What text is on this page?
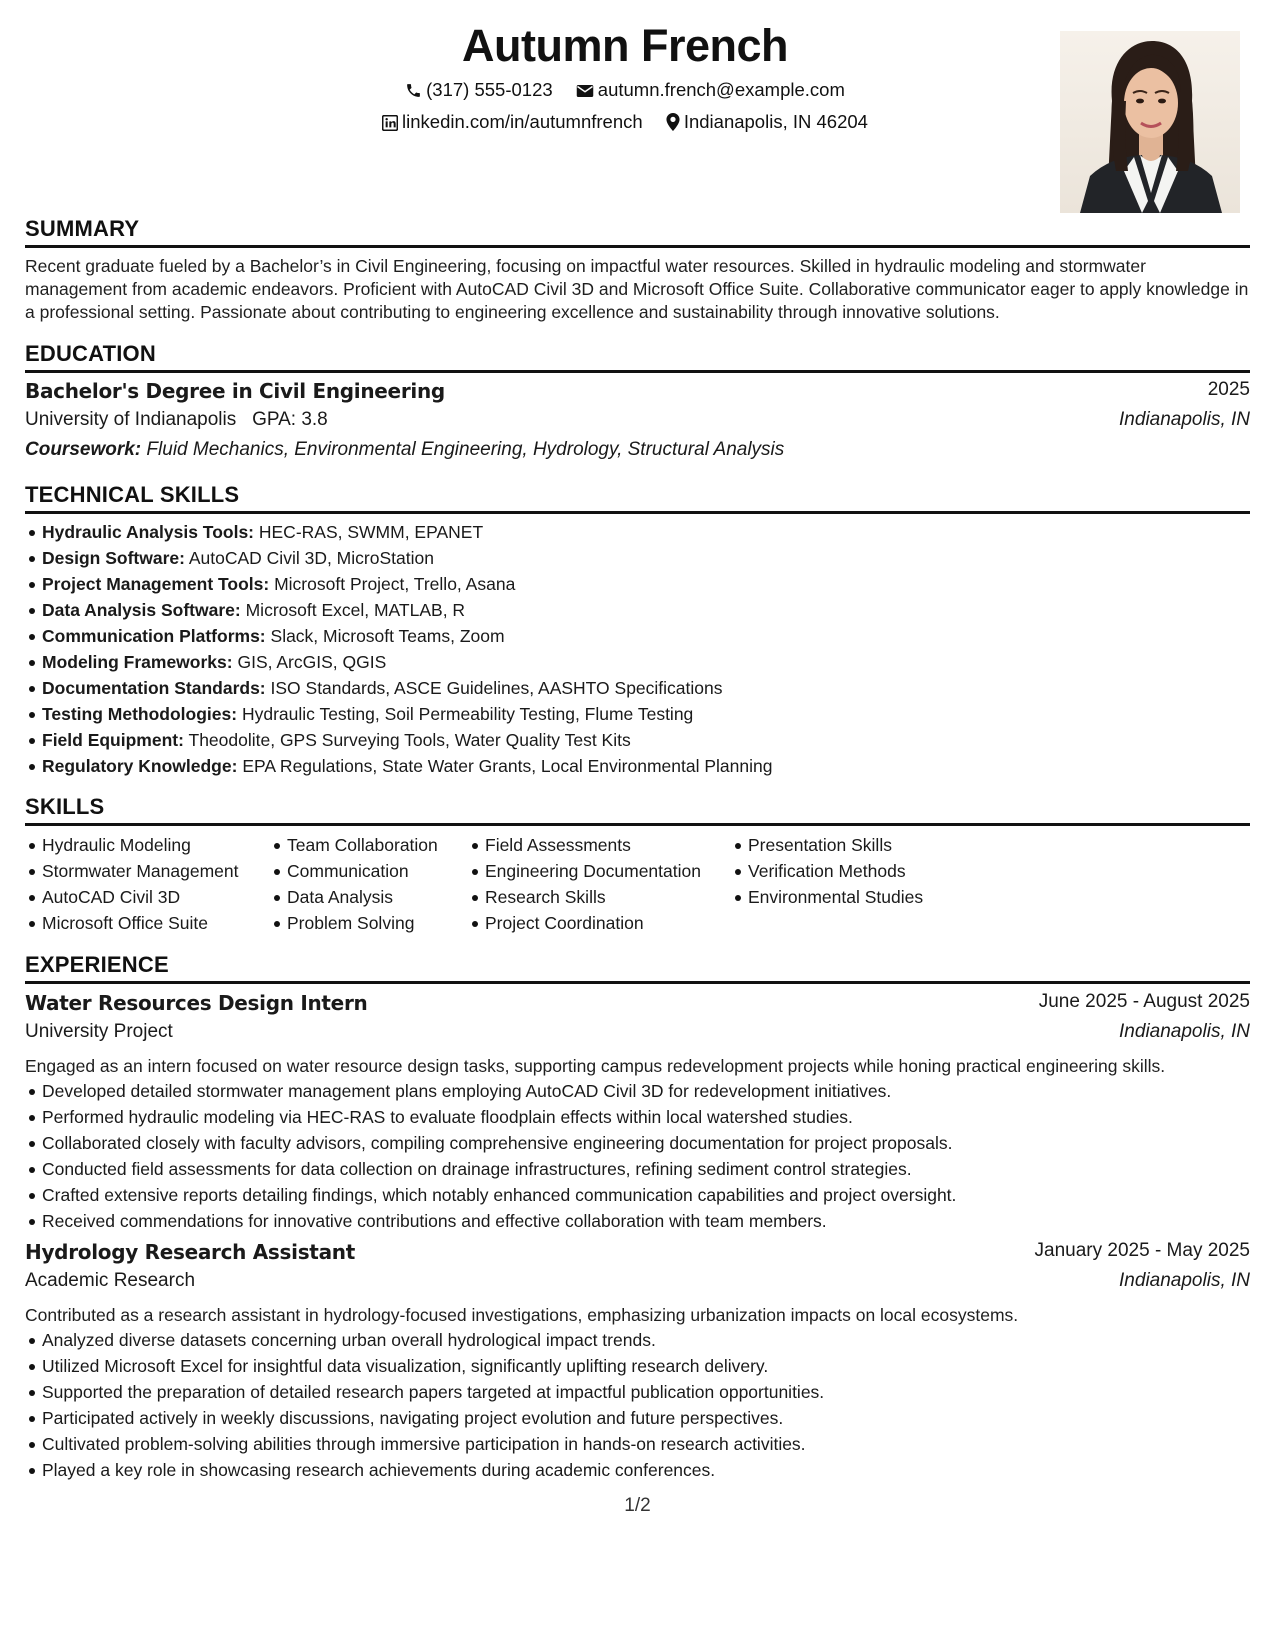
Autumn French
(317) 555-0123 autumn.french@example.com
linkedin.com/in/autumnfrench Indianapolis, IN 46204
SUMMARY

Recent graduate fueled by a Bachelor’s in Civil Engineering, focusing on impactful water resources. Skilled in hydraulic modeling and stormwater management from academic endeavors. Proficient with AutoCAD Civil 3D and Microsoft Office Suite. Collaborative communicator eager to apply knowledge in a professional setting. Passionate about contributing to engineering excellence and sustainability through innovative solutions.

EDUCATION
Bachelor's Degree in Civil Engineering	2025
University of Indianapolis GPA: 3.8	Indianapolis, IN
Coursework: Fluid Mechanics, Environmental Engineering, Hydrology, Structural Analysis
TECHNICAL SKILLS
Hydraulic Analysis Tools: HEC-RAS, SWMM, EPANET
Design Software: AutoCAD Civil 3D, MicroStation
Project Management Tools: Microsoft Project, Trello, Asana
Data Analysis Software: Microsoft Excel, MATLAB, R
Communication Platforms: Slack, Microsoft Teams, Zoom
Modeling Frameworks: GIS, ArcGIS, QGIS
Documentation Standards: ISO Standards, ASCE Guidelines, AASHTO Specifications
Testing Methodologies: Hydraulic Testing, Soil Permeability Testing, Flume Testing
Field Equipment: Theodolite, GPS Surveying Tools, Water Quality Test Kits
Regulatory Knowledge: EPA Regulations, State Water Grants, Local Environmental Planning
SKILLS
Hydraulic Modeling
Stormwater Management
AutoCAD Civil 3D
Microsoft Office Suite
Team Collaboration
Communication
Data Analysis
Problem Solving
Field Assessments
Engineering Documentation
Research Skills
Project Coordination
Presentation Skills
Verification Methods
Environmental Studies
EXPERIENCE
Water Resources Design Intern	June 2025 - August 2025
University Project	Indianapolis, IN

Engaged as an intern focused on water resource design tasks, supporting campus redevelopment projects while honing practical engineering skills.

Developed detailed stormwater management plans employing AutoCAD Civil 3D for redevelopment initiatives.
Performed hydraulic modeling via HEC-RAS to evaluate floodplain effects within local watershed studies.
Collaborated closely with faculty advisors, compiling comprehensive engineering documentation for project proposals.
Conducted field assessments for data collection on drainage infrastructures, refining sediment control strategies.
Crafted extensive reports detailing findings, which notably enhanced communication capabilities and project oversight.
Received commendations for innovative contributions and effective collaboration with team members.
Hydrology Research Assistant	January 2025 - May 2025
Academic Research	Indianapolis, IN

Contributed as a research assistant in hydrology-focused investigations, emphasizing urbanization impacts on local ecosystems.

Analyzed diverse datasets concerning urban overall hydrological impact trends.
Utilized Microsoft Excel for insightful data visualization, significantly uplifting research delivery.
Supported the preparation of detailed research papers targeted at impactful publication opportunities.
Participated actively in weekly discussions, navigating project evolution and future perspectives.
Cultivated problem-solving abilities through immersive participation in hands-on research activities.
Played a key role in showcasing research achievements during academic conferences.
1/2
